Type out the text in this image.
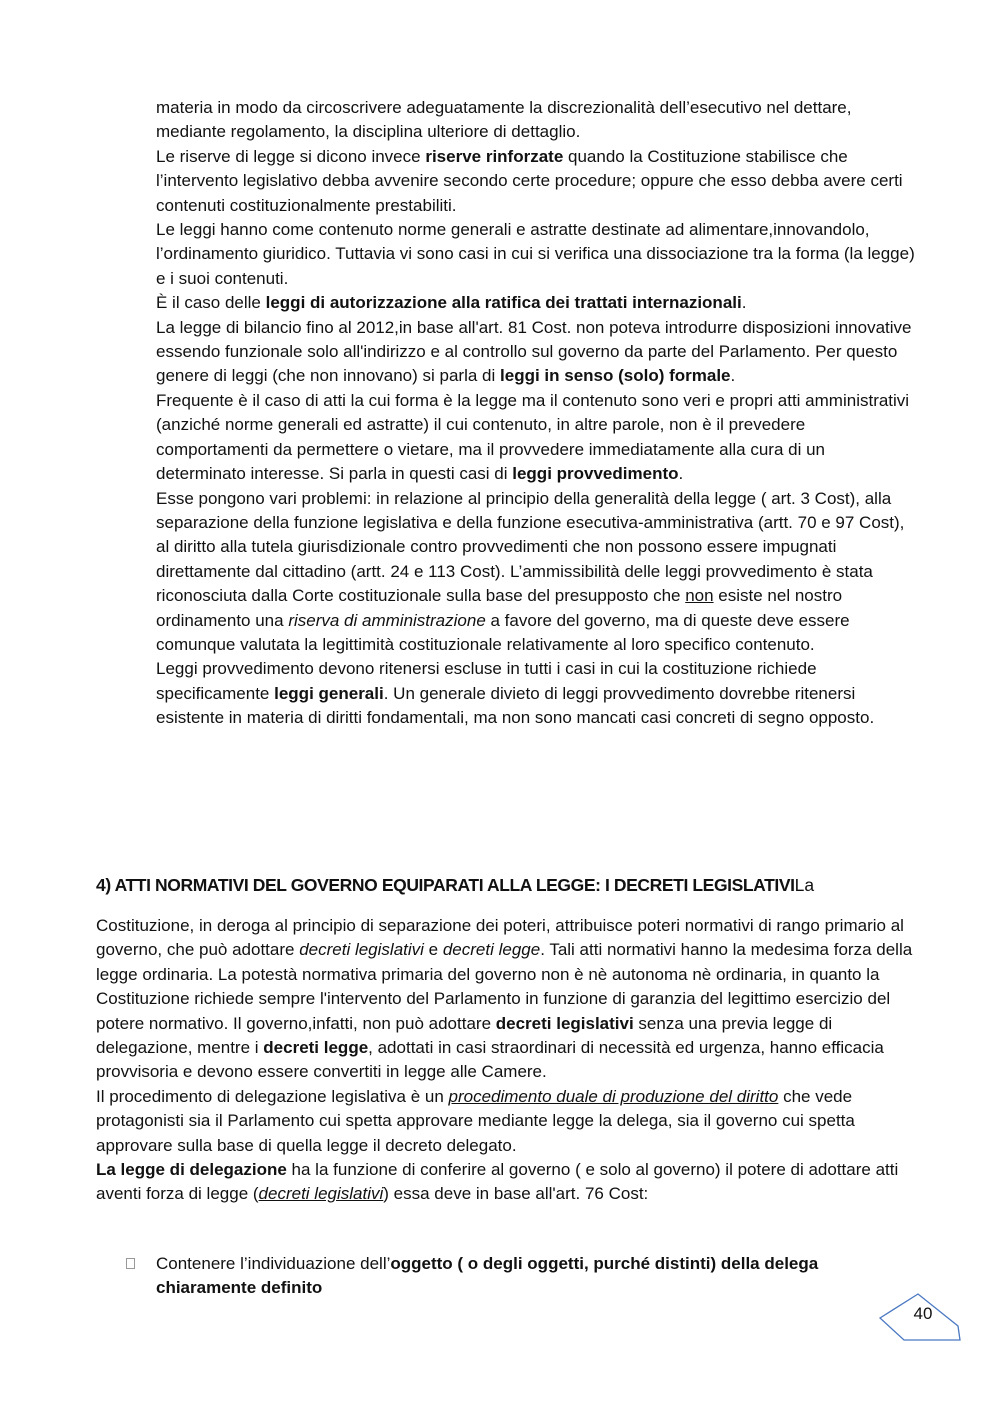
materia in modo da circoscrivere adeguatamente la discrezionalità dell’esecutivo nel dettare, mediante regolamento, la disciplina ulteriore di dettaglio.

Le riserve di legge si dicono invece riserve rinforzate quando la Costituzione stabilisce che l’intervento legislativo debba avvenire secondo certe procedure; oppure che esso debba avere certi contenuti costituzionalmente prestabiliti.

Le leggi hanno come contenuto norme generali e astratte destinate ad alimentare,innovandolo, l’ordinamento giuridico. Tuttavia vi sono casi in cui si verifica una dissociazione tra la forma (la legge) e i suoi contenuti.

È il caso delle leggi di autorizzazione alla ratifica dei trattati internazionali.

La legge di bilancio fino al 2012,in base all'art. 81 Cost. non poteva introdurre disposizioni innovative essendo funzionale solo all'indirizzo e al controllo sul governo da parte del Parlamento. Per questo genere di leggi (che non innovano) si parla di leggi in senso (solo) formale.

Frequente è il caso di atti la cui forma è la legge ma il contenuto sono veri e propri atti amministrativi (anziché norme generali ed astratte) il cui contenuto, in altre parole, non è il prevedere comportamenti da permettere o vietare, ma il provvedere immediatamente alla cura di un determinato interesse. Si parla in questi casi di leggi provvedimento.

Esse pongono vari problemi: in relazione al principio della generalità della legge ( art. 3 Cost), alla separazione della funzione legislativa e della funzione esecutiva-amministrativa (artt. 70 e 97 Cost), al diritto alla tutela giurisdizionale contro provvedimenti che non possono essere impugnati direttamente dal cittadino (artt. 24 e 113 Cost). L’ammissibilità delle leggi provvedimento è stata riconosciuta dalla Corte costituzionale sulla base del presupposto che non esiste nel nostro ordinamento una riserva di amministrazione a favore del governo, ma di queste deve essere comunque valutata la legittimità costituzionale relativamente al loro specifico contenuto.

Leggi provvedimento devono ritenersi escluse in tutti i casi in cui la costituzione richiede specificamente leggi generali. Un generale divieto di leggi provvedimento dovrebbe ritenersi esistente in materia di diritti fondamentali, ma non sono mancati casi concreti di segno opposto.

4) ATTI NORMATIVI DEL GOVERNO EQUIPARATI ALLA LEGGE: I DECRETI LEGISLATIVILa

Costituzione, in deroga al principio di separazione dei poteri, attribuisce poteri normativi di rango primario al governo, che può adottare decreti legislativi e decreti legge. Tali atti normativi hanno la medesima forza della legge ordinaria. La potestà normativa primaria del governo non è nè autonoma nè ordinaria, in quanto la Costituzione richiede sempre l'intervento del Parlamento in funzione di garanzia del legittimo esercizio del potere normativo. Il governo,infatti, non può adottare decreti legislativi senza una previa legge di delegazione, mentre i decreti legge, adottati in casi straordinari di necessità ed urgenza, hanno efficacia provvisoria e devono essere convertiti in legge alle Camere.

Il procedimento di delegazione legislativa è un procedimento duale di produzione del diritto che vede protagonisti sia il Parlamento cui spetta approvare mediante legge la delega, sia il governo cui spetta approvare sulla base di quella legge il decreto delegato.

La legge di delegazione ha la funzione di conferire al governo ( e solo al governo) il potere di adottare atti aventi forza di legge (decreti legislativi) essa deve in base all'art. 76 Cost:

Contenere l’individuazione dell’oggetto ( o degli oggetti, purché distinti) della delega chiaramente definito
40
